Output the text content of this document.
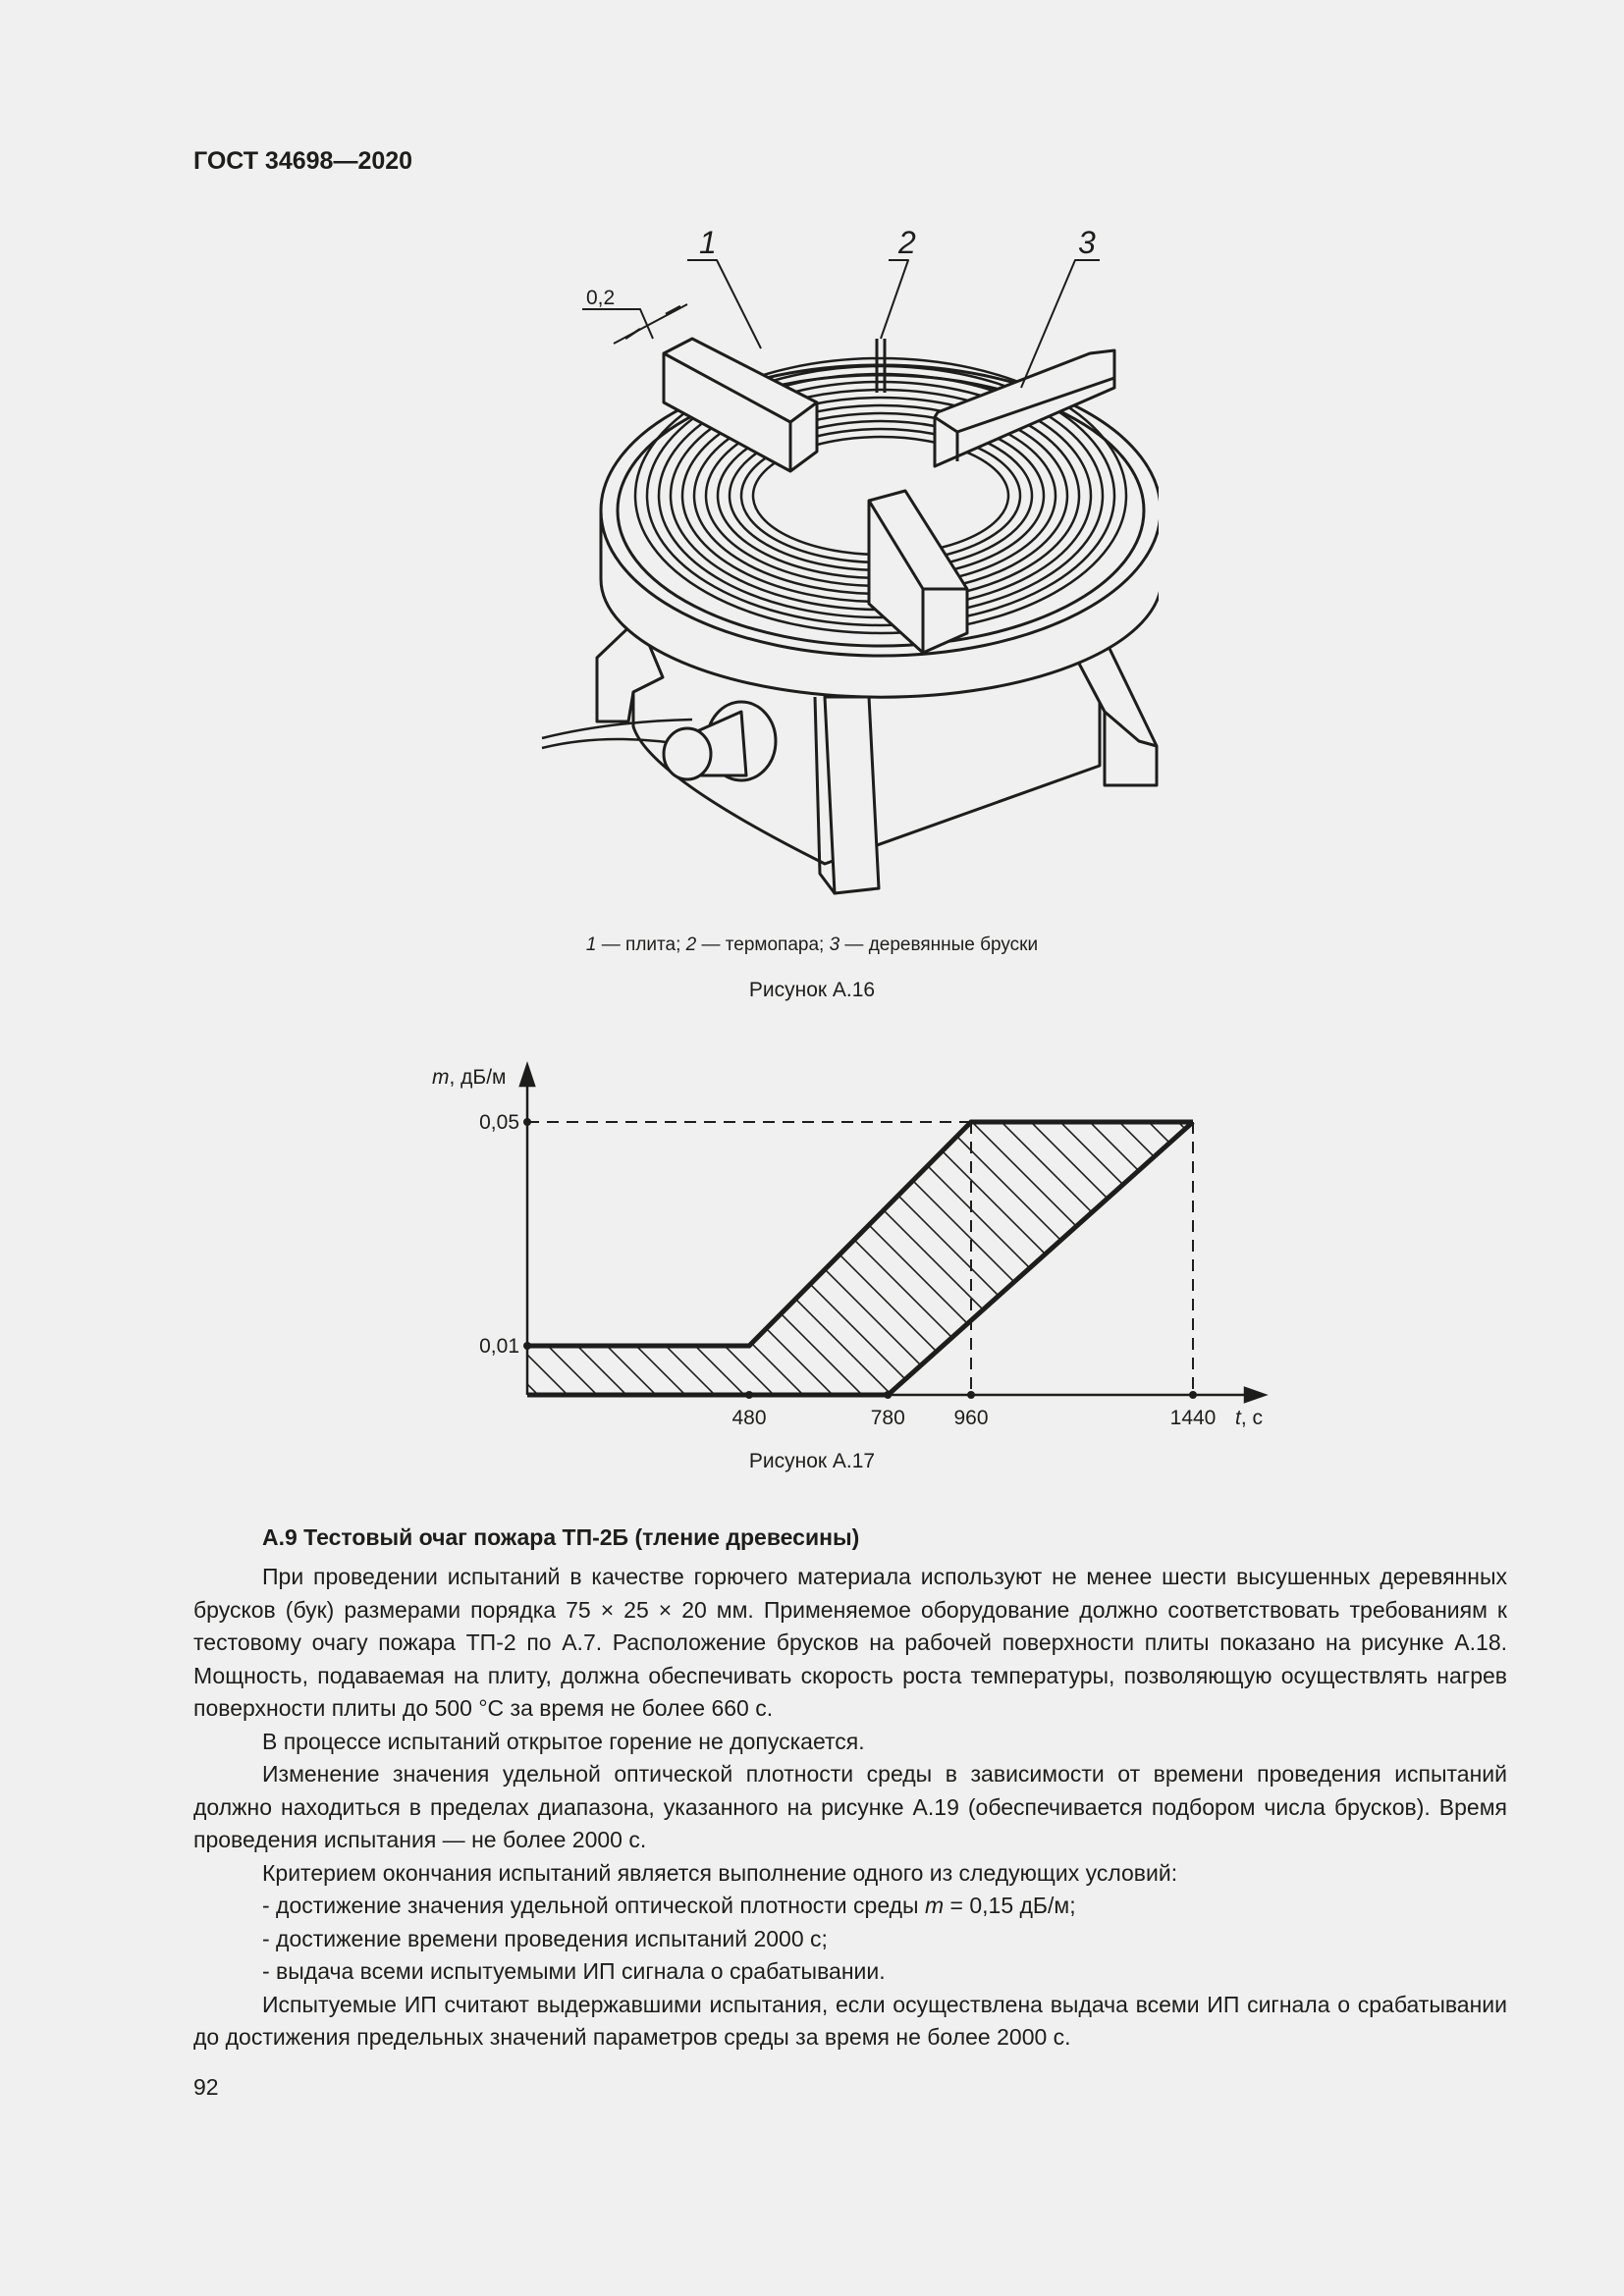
ГОСТ 34698—2020
1	2	3
0,2
1 — плита; 2 — термопара; 3 — деревянные бруски
Рисунок А.16
480	780 960	1440
0,05
0,01
m, дБ/м
t, с
Рисунок А.17
А.9 Тестовый очаг пожара ТП-2Б (тление древесины)

При проведении испытаний в качестве горючего материала используют не менее шести высушенных деревянных брусков (бук) размерами порядка 75 × 25 × 20 мм. Применяемое оборудование должно соответствовать требованиям к тестовому очагу пожара ТП-2 по А.7. Расположение брусков на рабочей поверхности плиты показано на рисунке А.18. Мощность, подаваемая на плиту, должна обеспечивать скорость роста температуры, позволяющую осуществлять нагрев поверхности плиты до 500 °С за время не более 660 с.

В процессе испытаний открытое горение не допускается.

Изменение значения удельной оптической плотности среды в зависимости от времени проведения испытаний должно находиться в пределах диапазона, указанного на рисунке А.19 (обеспечивается подбором числа брусков). Время проведения испытания — не более 2000 с.

Критерием окончания испытаний является выполнение одного из следующих условий:

- достижение значения удельной оптической плотности среды m = 0,15 дБ/м;

- достижение времени проведения испытаний 2000 с;

- выдача всеми испытуемыми ИП сигнала о срабатывании.

Испытуемые ИП считают выдержавшими испытания, если осуществлена выдача всеми ИП сигнала о срабатывании до достижения предельных значений параметров среды за время не более 2000 с.

92
